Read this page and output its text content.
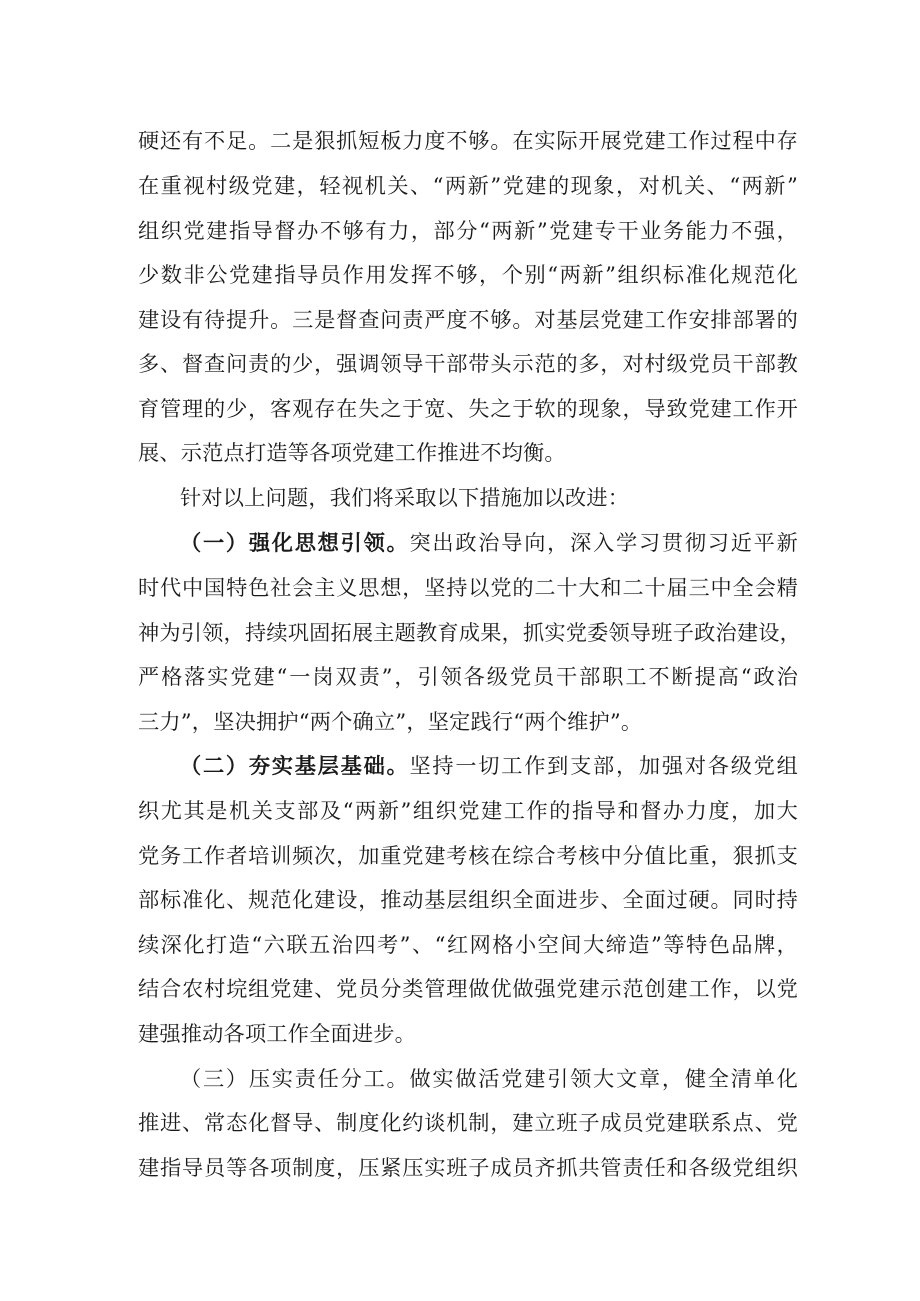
硬还有不足。二是狠抓短板力度不够。在实际开展党建工作过程中存
在重视村级党建，轻视机关、“两新”党建的现象，对机关、“两新”
组织党建指导督办不够有力，部分“两新”党建专干业务能力不强，
少数非公党建指导员作用发挥不够，个别“两新”组织标准化规范化
建设有待提升。三是督查问责严度不够。对基层党建工作安排部署的
多、督查问责的少，强调领导干部带头示范的多，对村级党员干部教
育管理的少，客观存在失之于宽、失之于软的现象，导致党建工作开
展、示范点打造等各项党建工作推进不均衡。
针对以上问题，我们将采取以下措施加以改进：
（一）强化思想引领。突出政治导向，深入学习贯彻习近平新
时代中国特色社会主义思想，坚持以党的二十大和二十届三中全会精
神为引领，持续巩固拓展主题教育成果，抓实党委领导班子政治建设，
严格落实党建“一岗双责”，引领各级党员干部职工不断提高“政治
三力”，坚决拥护“两个确立”，坚定践行“两个维护”。
（二）夯实基层基础。坚持一切工作到支部，加强对各级党组
织尤其是机关支部及“两新”组织党建工作的指导和督办力度，加大
党务工作者培训频次，加重党建考核在综合考核中分值比重，狠抓支
部标准化、规范化建设，推动基层组织全面进步、全面过硬。同时持
续深化打造“六联五治四考”、“红网格小空间大缔造”等特色品牌，
结合农村垸组党建、党员分类管理做优做强党建示范创建工作，以党
建强推动各项工作全面进步。
（三）压实责任分工。做实做活党建引领大文章，健全清单化
推进、常态化督导、制度化约谈机制，建立班子成员党建联系点、党
建指导员等各项制度，压紧压实班子成员齐抓共管责任和各级党组织
